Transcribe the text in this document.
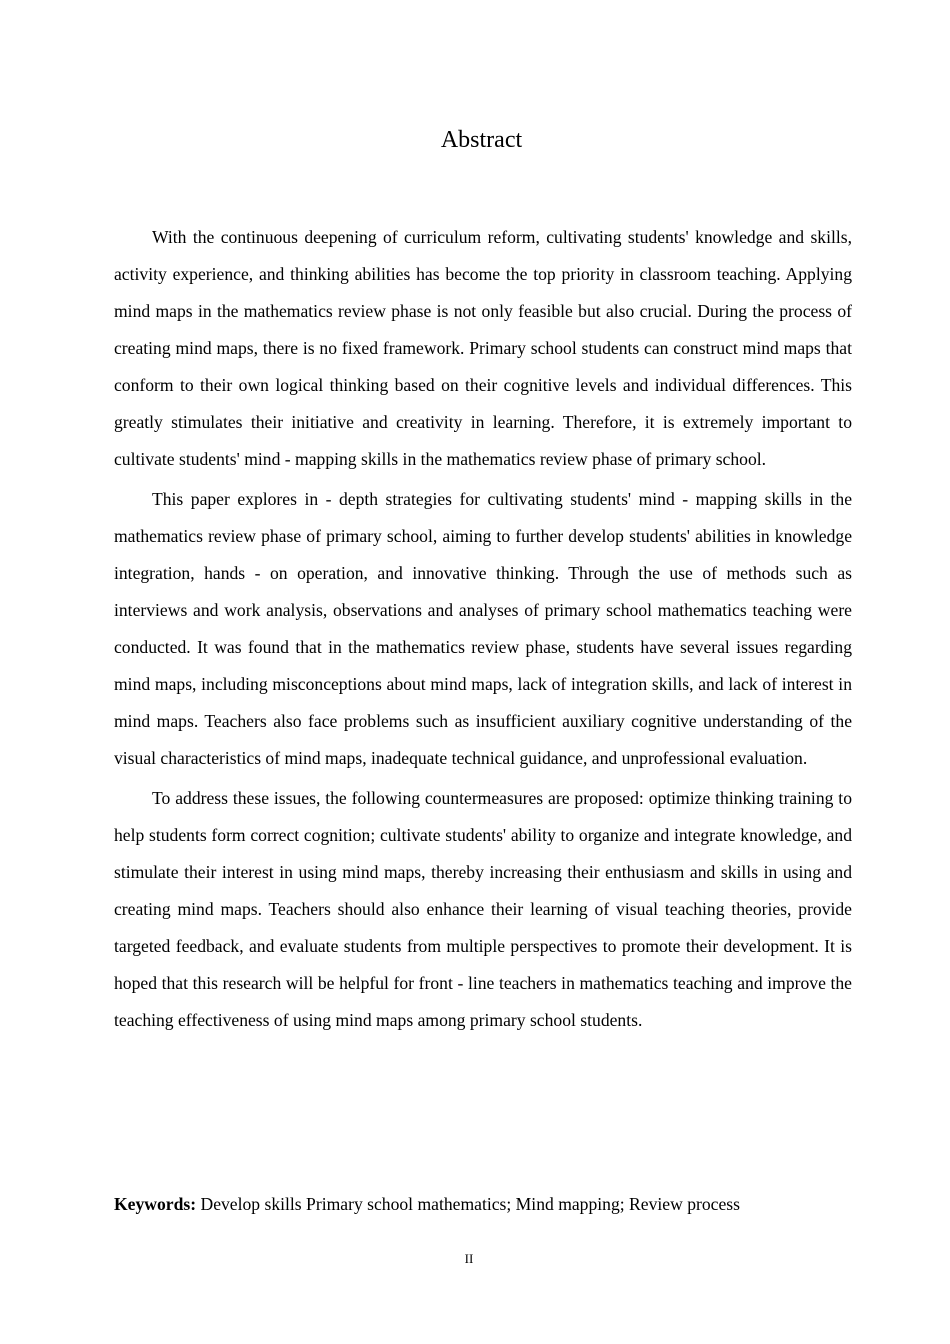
Abstract

With the continuous deepening of curriculum reform, cultivating students' knowledge and skills, activity experience, and thinking abilities has become the top priority in classroom teaching. Applying mind maps in the mathematics review phase is not only feasible but also crucial. During the process of creating mind maps, there is no fixed framework. Primary school students can construct mind maps that conform to their own logical thinking based on their cognitive levels and individual differences. This greatly stimulates their initiative and creativity in learning. Therefore, it is extremely important to cultivate students' mind - mapping skills in the mathematics review phase of primary school.

This paper explores in - depth strategies for cultivating students' mind - mapping skills in the mathematics review phase of primary school, aiming to further develop students' abilities in knowledge integration, hands - on operation, and innovative thinking. Through the use of methods such as interviews and work analysis, observations and analyses of primary school mathematics teaching were conducted. It was found that in the mathematics review phase, students have several issues regarding mind maps, including misconceptions about mind maps, lack of integration skills, and lack of interest in mind maps. Teachers also face problems such as insufficient auxiliary cognitive understanding of the visual characteristics of mind maps, inadequate technical guidance, and unprofessional evaluation.

To address these issues, the following countermeasures are proposed: optimize thinking training to help students form correct cognition; cultivate students' ability to organize and integrate knowledge, and stimulate their interest in using mind maps, thereby increasing their enthusiasm and skills in using and creating mind maps. Teachers should also enhance their learning of visual teaching theories, provide targeted feedback, and evaluate students from multiple perspectives to promote their development. It is hoped that this research will be helpful for front - line teachers in mathematics teaching and improve the teaching effectiveness of using mind maps among primary school students.

Keywords: Develop skills Primary school mathematics; Mind mapping; Review process

II
